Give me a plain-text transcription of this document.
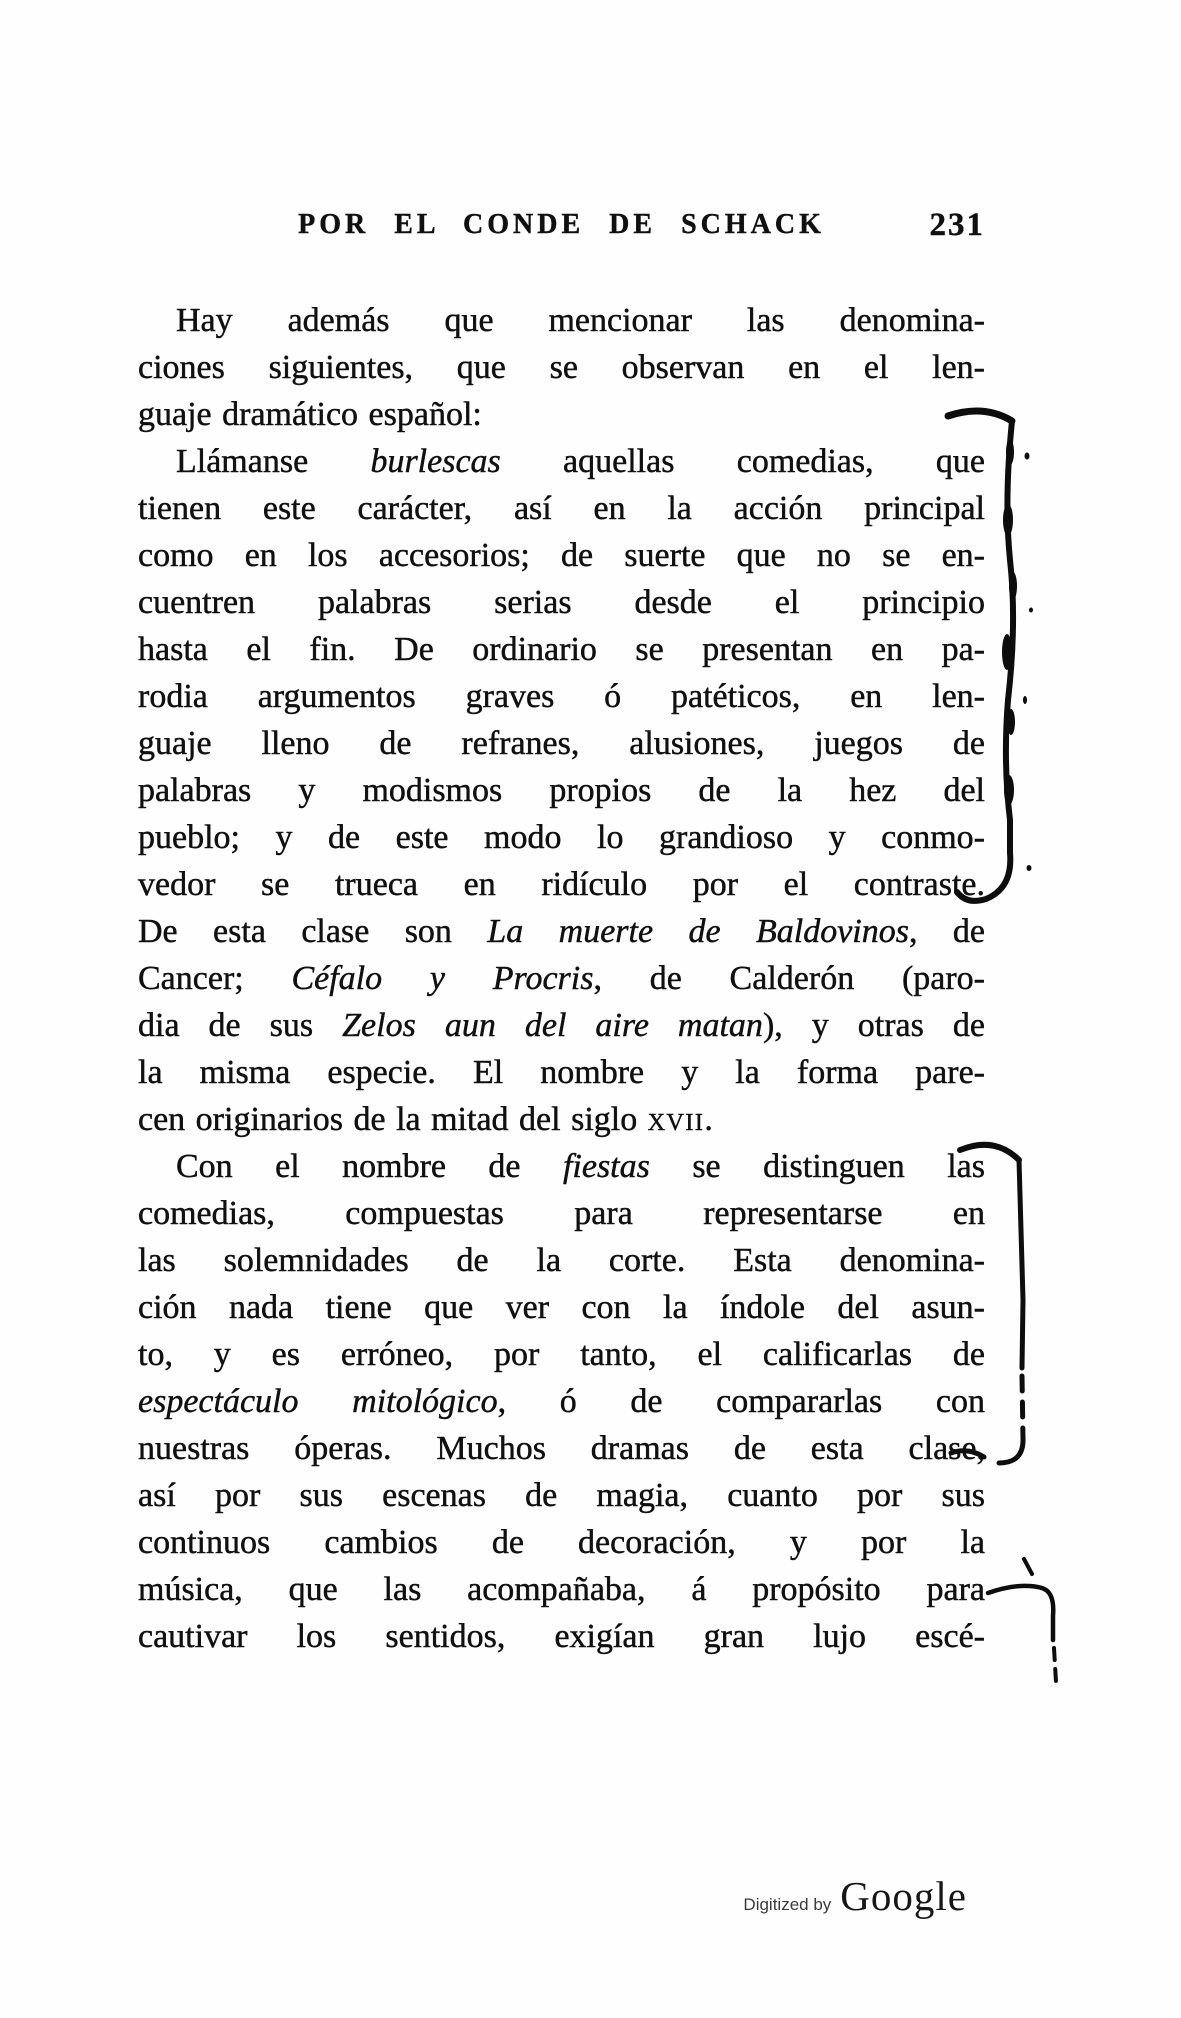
POR EL CONDE DE SCHACK	231
Hay además que mencionar las denomina-
ciones siguientes, que se observan en el len-
guaje dramático español:
Llámanse burlescas aquellas comedias, que
tienen este carácter, así en la acción principal
como en los accesorios; de suerte que no se en-
cuentren palabras serias desde el principio
hasta el fin. De ordinario se presentan en pa-
rodia argumentos graves ó patéticos, en len-
guaje lleno de refranes, alusiones, juegos de
palabras y modismos propios de la hez del
pueblo; y de este modo lo grandioso y conmo-
vedor se trueca en ridículo por el contraste.
De esta clase son La muerte de Baldovinos, de
Cancer; Céfalo y Procris, de Calderón (paro-
dia de sus Zelos aun del aire matan), y otras de
la misma especie. El nombre y la forma pare-
cen originarios de la mitad del siglo xvii.
Con el nombre de fiestas se distinguen las
comedias, compuestas para representarse en
las solemnidades de la corte. Esta denomina-
ción nada tiene que ver con la índole del asun-
to, y es erróneo, por tanto, el calificarlas de
espectáculo mitológico, ó de compararlas con
nuestras óperas. Muchos dramas de esta clase,
así por sus escenas de magia, cuanto por sus
continuos cambios de decoración, y por la
música, que las acompañaba, á propósito para
cautivar los sentidos, exigían gran lujo escé-
Digitized by Google
